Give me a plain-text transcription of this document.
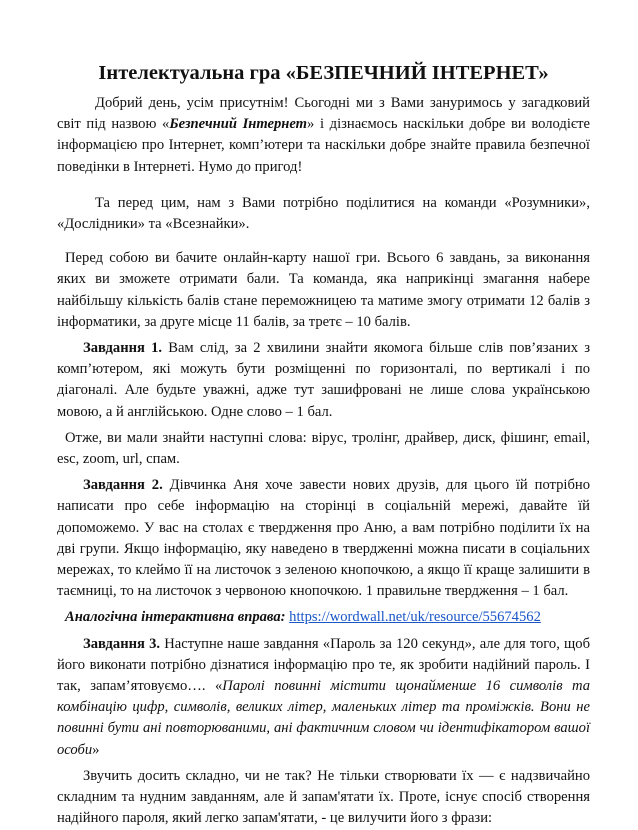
Інтелектуальна гра «БЕЗПЕЧНИЙ ІНТЕРНЕТ»

Добрий день, усім присутнім! Сьогодні ми з Вами зануримось у загадковий світ під назвою «Безпечний Інтернет» і дізнаємось наскільки добре ви володієте інформацією про Інтернет, комп’ютери та наскільки добре знайте правила безпечної поведінки в Інтернеті. Нумо до пригод!

Та перед цим, нам з Вами потрібно поділитися на команди «Розумники», «Дослідники» та «Всезнайки».

Перед собою ви бачите онлайн-карту нашої гри. Всього 6 завдань, за виконання яких ви зможете отримати бали. Та команда, яка наприкінці змагання набере найбільшу кількість балів стане переможницею та матиме змогу отримати 12 балів з інформатики, за друге місце 11 балів, за третє – 10 балів.

Завдання 1. Вам слід, за 2 хвилини знайти якомога більше слів пов’язаних з комп’ютером, які можуть бути розміщенні по горизонталі, по вертикалі і по діагоналі. Але будьте уважні, адже тут зашифровані не лише слова українською мовою, а й англійською. Одне слово – 1 бал.

Отже, ви мали знайти наступні слова: вірус, тролінг, драйвер, диск, фішинг, email, esc, zoom, url, спам.

Завдання 2. Дівчинка Аня хоче завести нових друзів, для цього їй потрібно написати про себе інформацію на сторінці в соціальній мережі, давайте їй допоможемо. У вас на столах є твердження про Аню, а вам потрібно поділити їх на дві групи. Якщо інформацію, яку наведено в твердженні можна писати в соціальних мережах, то клеймо її на листочок з зеленою кнопочкою, а якщо її краще залишити в таємниці, то на листочок з червоною кнопочкою. 1 правильне твердження – 1 бал.

Аналогічна інтерактивна вправа: https://wordwall.net/uk/resource/55674562

Завдання 3. Наступне наше завдання «Пароль за 120 секунд», але для того, щоб його виконати потрібно дізнатися інформацію про те, як зробити надійний пароль. І так, запам’ятовуємо…. «Паролі повинні містити щонайменше 16 символів та комбінацію цифр, символів, великих літер, маленьких літер та проміжків. Вони не повинні бути ані повторюваними, ані фактичним словом чи ідентифікатором вашої особи»

Звучить досить складно, чи не так? Не тільки створювати їх — є надзвичайно складним та нудним завданням, але й запам'ятати їх. Проте, існує спосіб створення надійного пароля, який легко запам'ятати, - це вилучити його з фрази:
